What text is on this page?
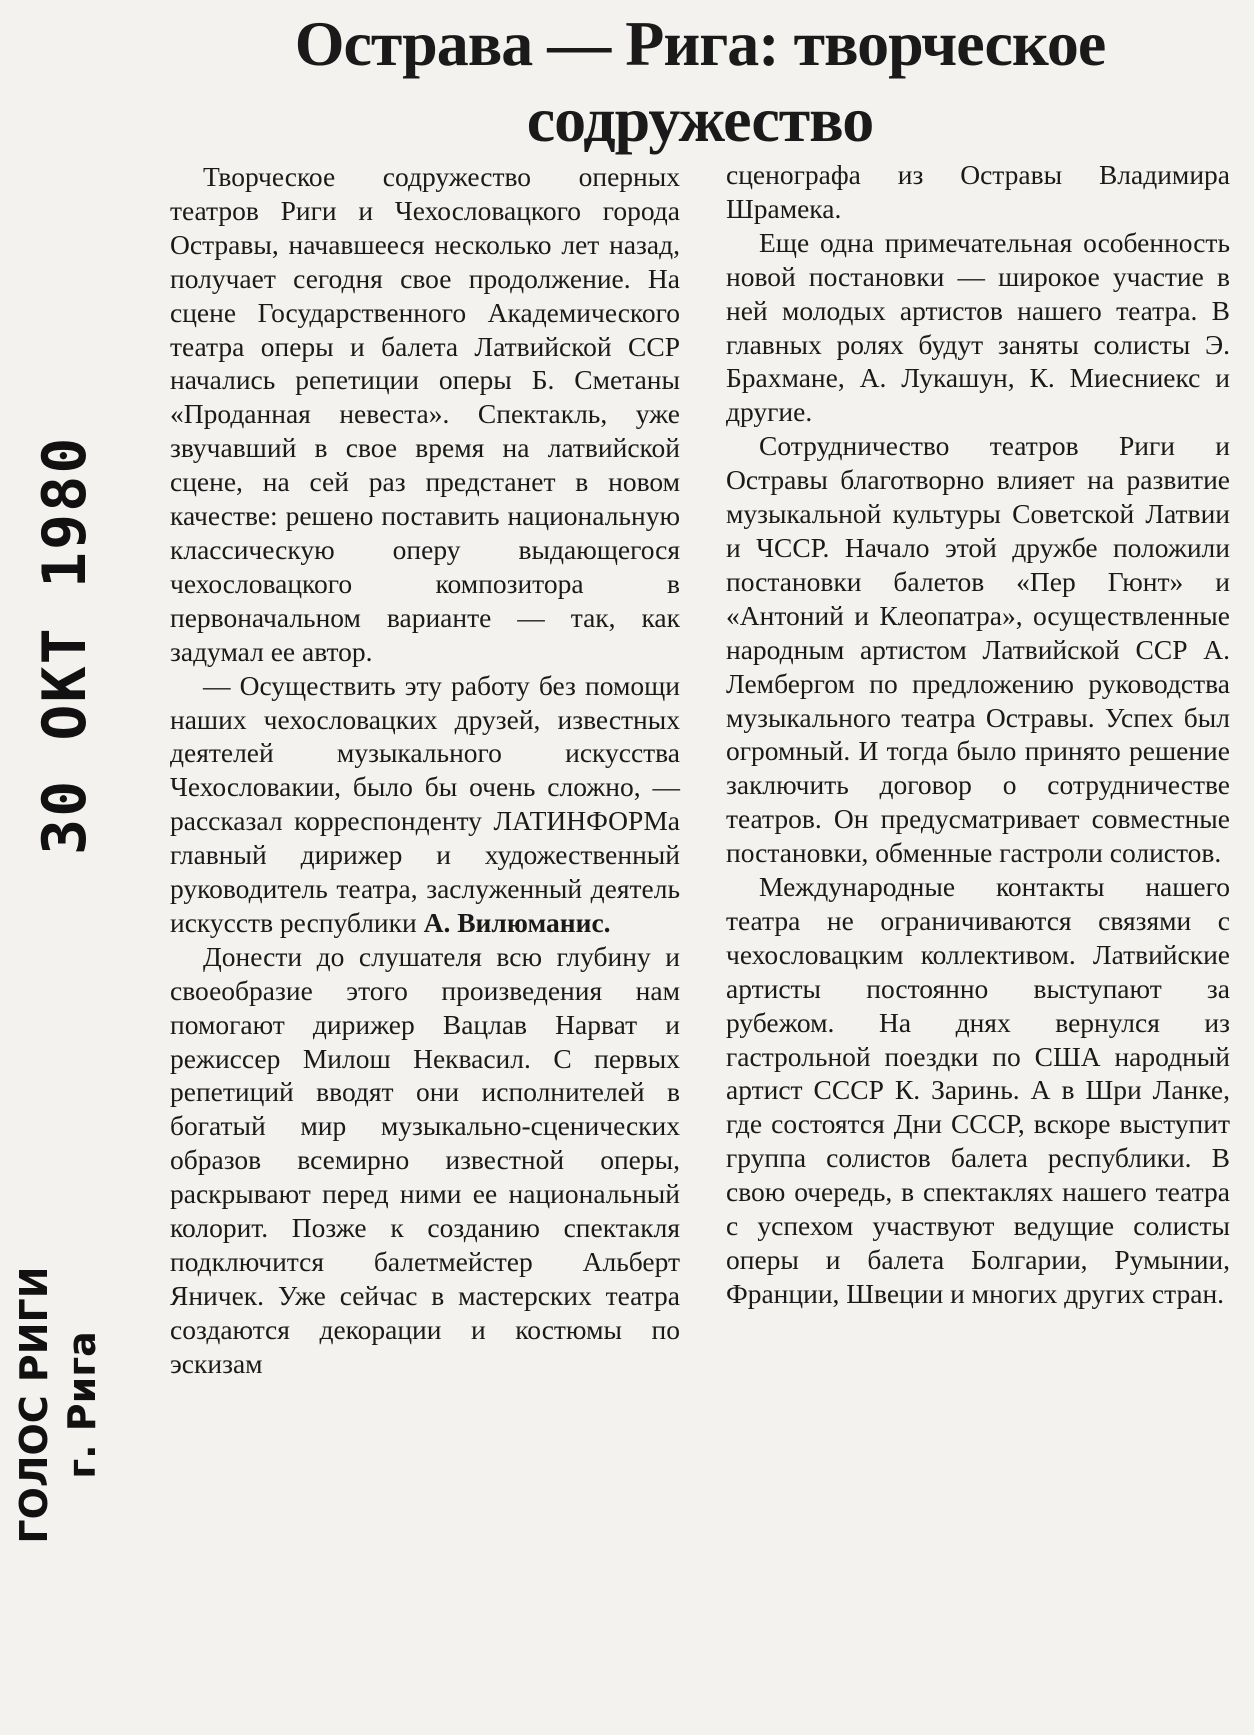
30 ОКТ 1980
ГОЛОС РИГИ г. Рига
Острава — Рига: творческое
содружество

Творческое содружество оперных театров Риги и Чехословацкого города Остравы, начавшееся несколько лет назад, получает сегодня свое продолжение. На сцене Государственного Академического театра оперы и балета Латвийской ССР начались репетиции оперы Б. Сметаны «Проданная невеста». Спектакль, уже звучавший в свое время на латвийской сцене, на сей раз предстанет в новом качестве: решено поставить национальную классическую оперу выдающегося чехословацкого композитора в первоначальном варианте — так, как задумал ее автор.

— Осуществить эту работу без помощи наших чехословацких друзей, известных деятелей музыкального искусства Чехословакии, было бы очень сложно, — рассказал корреспонденту ЛАТИНФОРМа главный дирижер и художественный руководитель театра, заслуженный деятель искусств республики А. Вилюманис.

Донести до слушателя всю глубину и своеобразие этого произведения нам помогают дирижер Вацлав Нарват и режиссер Милош Неквасил. С первых репетиций вводят они исполнителей в богатый мир музыкально-сценических образов всемирно известной оперы, раскрывают перед ними ее национальный колорит. Позже к созданию спектакля подключится балетмейстер Альберт Яничек. Уже сейчас в мастерских театра создаются декорации и костюмы по эскизам

сценографа из Остравы Владимира Шрамека.

Еще одна примечательная особенность новой постановки — широкое участие в ней молодых артистов нашего театра. В главных ролях будут заняты солисты Э. Брахмане, А. Лукашун, К. Миесниекс и другие.

Сотрудничество театров Риги и Остравы благотворно влияет на развитие музыкальной культуры Советской Латвии и ЧССР. Начало этой дружбе положили постановки балетов «Пер Гюнт» и «Антоний и Клеопатра», осуществленные народным артистом Латвийской ССР А. Лембергом по предложению руководства музыкального театра Остравы. Успех был огромный. И тогда было принято решение заключить договор о сотрудничестве театров. Он предусматривает совместные постановки, обменные гастроли солистов.

Международные контакты нашего театра не ограничиваются связями с чехословацким коллективом. Латвийские артисты постоянно выступают за рубежом. На днях вернулся из гастрольной поездки по США народный артист СССР К. Заринь. А в Шри Ланке, где состоятся Дни СССР, вскоре выступит группа солистов балета республики. В свою очередь, в спектаклях нашего театра с успехом участвуют ведущие солисты оперы и балета Болгарии, Румынии, Франции, Швеции и многих других стран.
